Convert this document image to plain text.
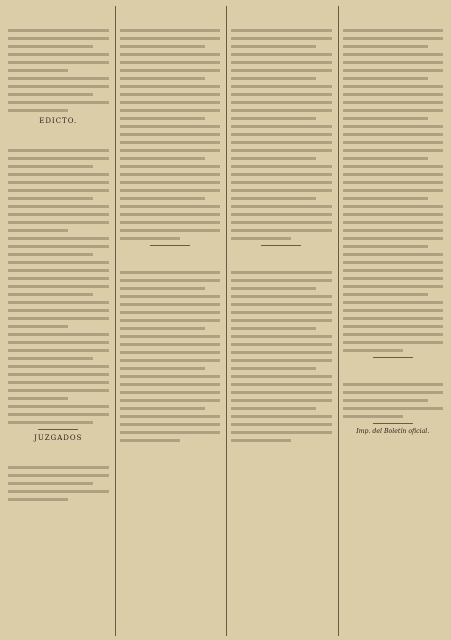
EDICTO.
JUZGADOS
Imp. del Boletín oficial.
